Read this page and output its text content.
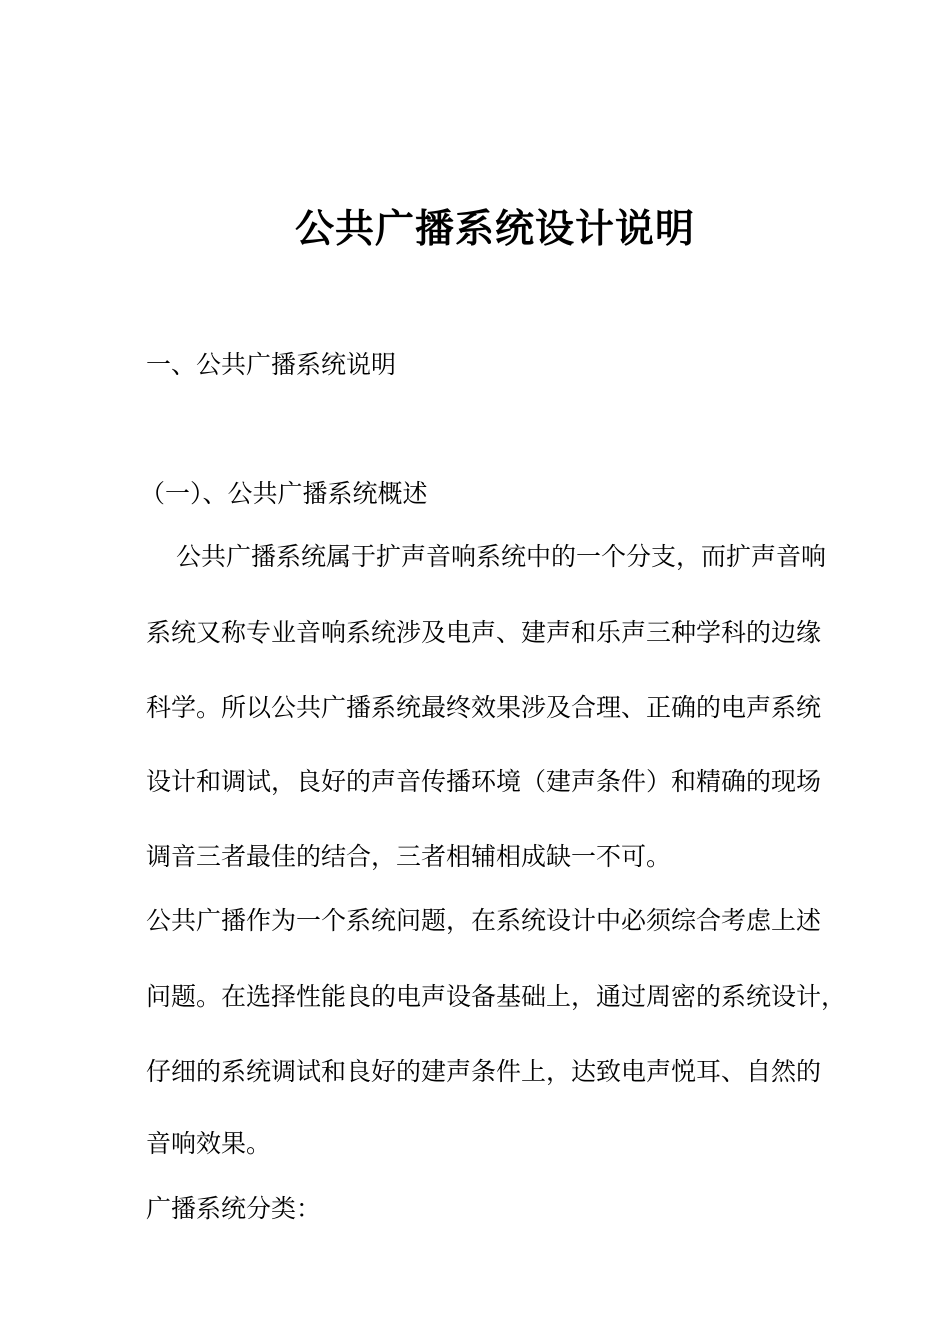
公共广播系统设计说明

一、公共广播系统说明

（一）、公共广播系统概述

公共广播系统属于扩声音响系统中的一个分支，而扩声音响

系统又称专业音响系统涉及电声、建声和乐声三种学科的边缘

科学。所以公共广播系统最终效果涉及合理、正确的电声系统

设计和调试，良好的声音传播环境（建声条件）和精确的现场

调音三者最佳的结合，三者相辅相成缺一不可。

公共广播作为一个系统问题，在系统设计中必须综合考虑上述

问题。在选择性能良的电声设备基础上，通过周密的系统设计，

仔细的系统调试和良好的建声条件上，达致电声悦耳、自然的

音响效果。

广播系统分类：
